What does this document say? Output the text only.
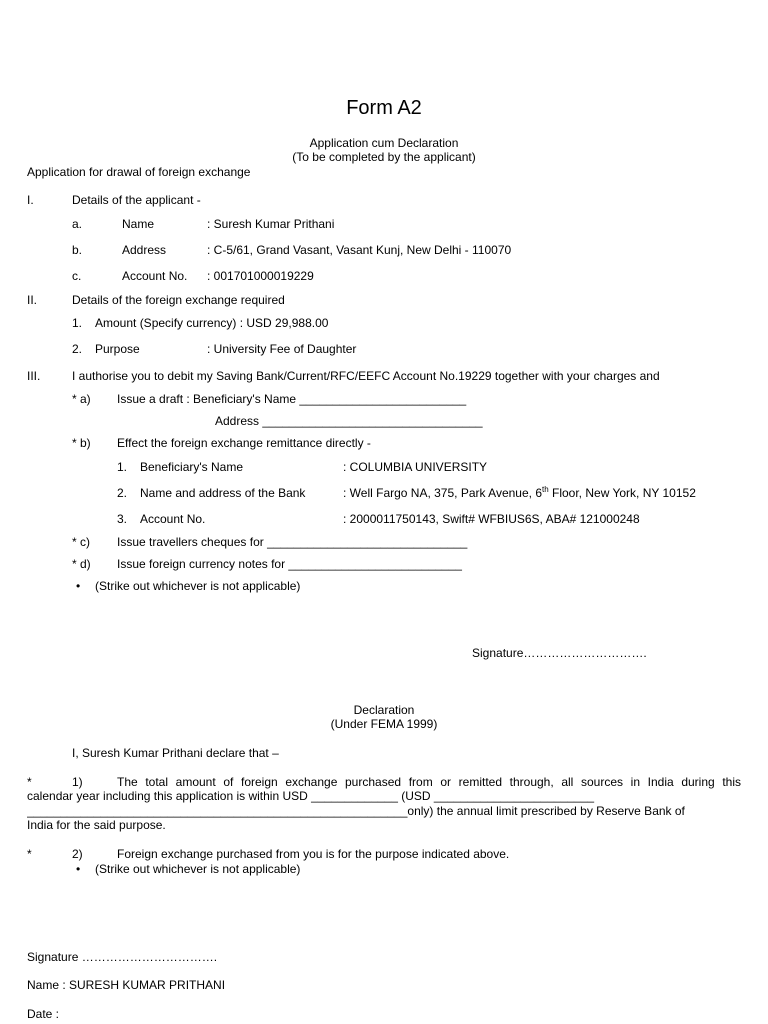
Form A2
Application cum Declaration
(To be completed by the applicant)
Application for drawal of foreign exchange
I.	Details of the applicant -
a.	Name	: Suresh Kumar Prithani
b.	Address	: C-5/61, Grand Vasant, Vasant Kunj, New Delhi - 110070
c.	Account No. : 001701000019229
II.	Details of the foreign exchange required
1. Amount (Specify currency) : USD 29,988.00
2. Purpose	: University Fee of Daughter
III.	I authorise you to debit my Saving Bank/Current/RFC/EEFC Account No.19229 together with your charges and
* a) Issue a draft : Beneficiary's Name _________________________
Address _________________________________
* b) Effect the foreign exchange remittance directly -
1. Beneficiary's Name	: COLUMBIA UNIVERSITY
2. Name and address of the Bank	: Well Fargo NA, 375, Park Avenue, 6th Floor, New York, NY 10152
3. Account No.	: 2000011750143, Swift# WFBIUS6S, ABA# 121000248
* c) Issue travellers cheques for ______________________________
* d) Issue foreign currency notes for __________________________
• (Strike out whichever is not applicable)
Signature………………………….
Declaration
(Under FEMA 1999)
I, Suresh Kumar Prithani declare that –
*	1)	The total amount of foreign exchange purchased from or remitted through, all sources in India during this
calendar year including this application is within USD _____________ (USD ________________________
_________________________________________________________only) the annual limit prescribed by Reserve Bank of
India for the said purpose.
*	2)	Foreign exchange purchased from you is for the purpose indicated above.
• (Strike out whichever is not applicable)
Signature …………………………….
Name : SURESH KUMAR PRITHANI
Date :
